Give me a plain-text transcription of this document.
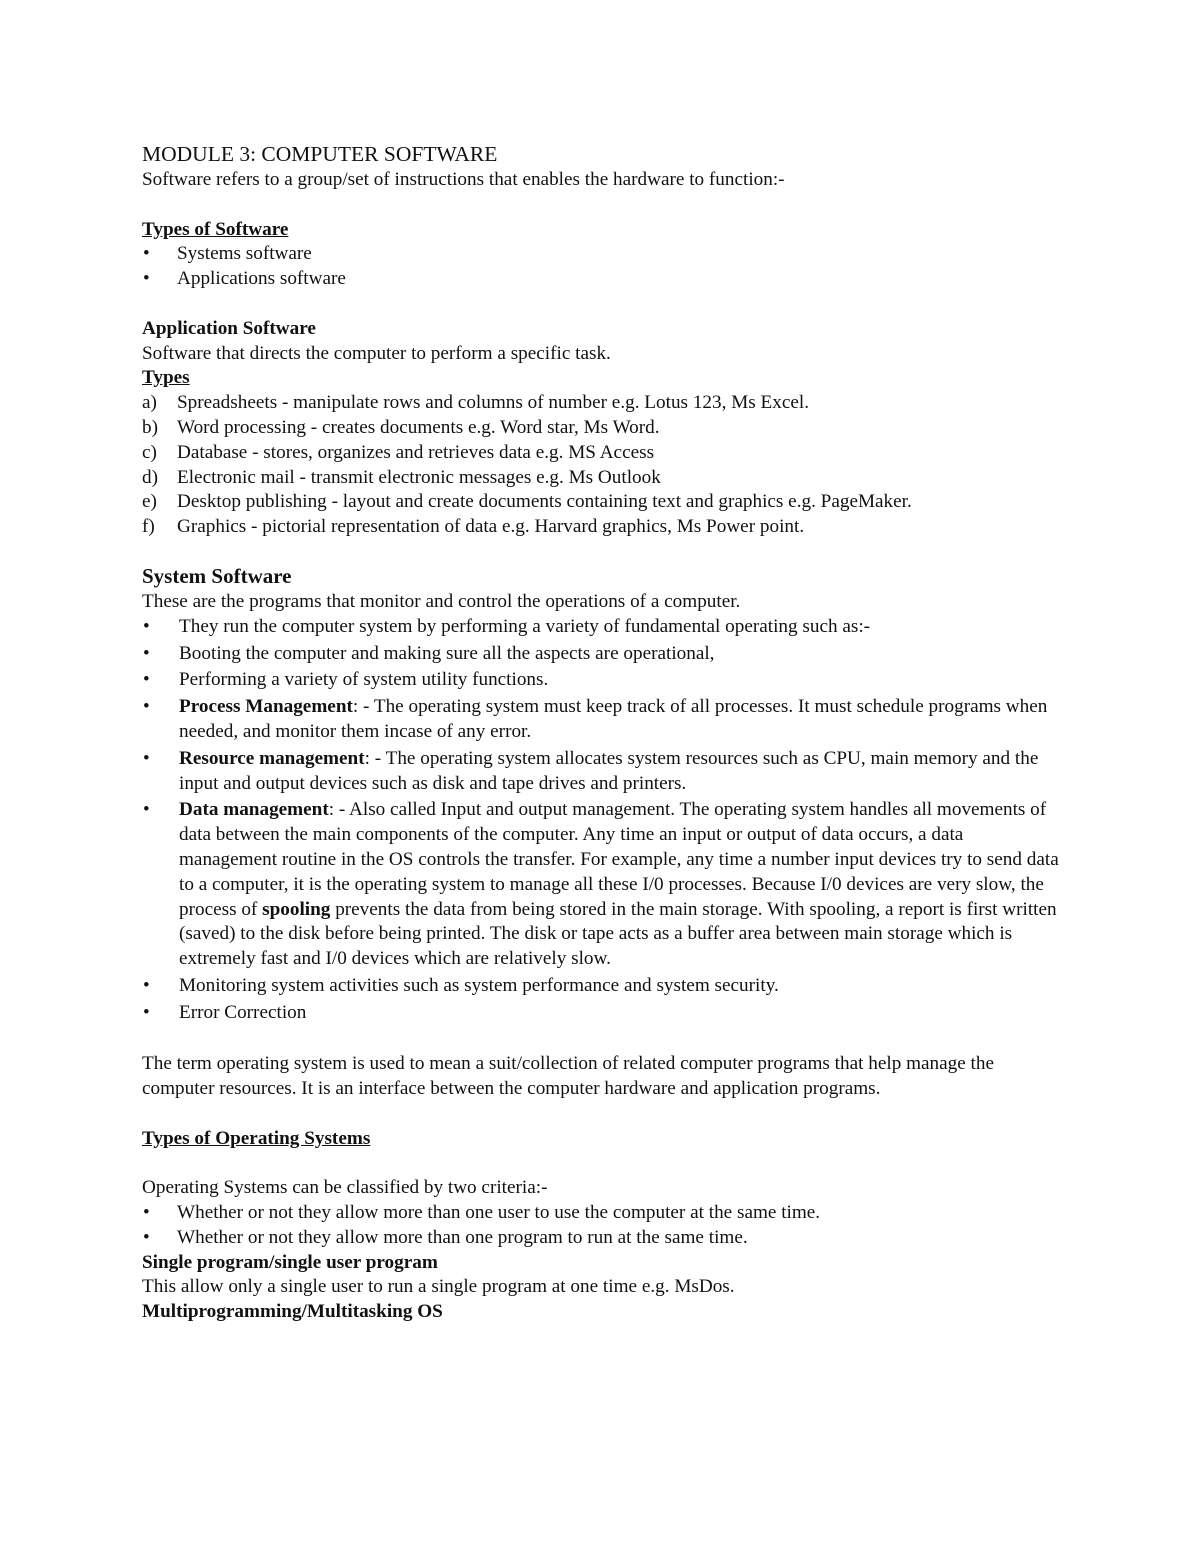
MODULE 3: COMPUTER SOFTWARE
Software refers to a group/set of instructions that enables the hardware to function:-
Types of Software
• Systems software
• Applications software
Application Software
Software that directs the computer to perform a specific task.
Types
a) Spreadsheets - manipulate rows and columns of number e.g. Lotus 123, Ms Excel.
b) Word processing - creates documents e.g. Word star, Ms Word.
c) Database - stores, organizes and retrieves data e.g. MS Access
d) Electronic mail - transmit electronic messages e.g. Ms Outlook
e) Desktop publishing - layout and create documents containing text and graphics e.g. PageMaker.
f) Graphics - pictorial representation of data e.g. Harvard graphics, Ms Power point.
System Software
These are the programs that monitor and control the operations of a computer.
• They run the computer system by performing a variety of fundamental operating such as:-
• Booting the computer and making sure all the aspects are operational,
• Performing a variety of system utility functions.
• Process Management: - The operating system must keep track of all processes. It must schedule programs when needed, and monitor them incase of any error.
• Resource management: - The operating system allocates system resources such as CPU, main memory and the input and output devices such as disk and tape drives and printers.
• Data management: - Also called Input and output management. The operating system handles all movements of data between the main components of the computer. Any time an input or output of data occurs, a data management routine in the OS controls the transfer. For example, any time a number input devices try to send data to a computer, it is the operating system to manage all these I/0 processes. Because I/0 devices are very slow, the process of spooling prevents the data from being stored in the main storage. With spooling, a report is first written (saved) to the disk before being printed. The disk or tape acts as a buffer area between main storage which is extremely fast and I/0 devices which are relatively slow.
• Monitoring system activities such as system performance and system security.
• Error Correction
The term operating system is used to mean a suit/collection of related computer programs that help manage the computer resources. It is an interface between the computer hardware and application programs.
Types of Operating Systems
Operating Systems can be classified by two criteria:-
• Whether or not they allow more than one user to use the computer at the same time.
• Whether or not they allow more than one program to run at the same time.
Single program/single user program
This allow only a single user to run a single program at one time e.g. MsDos.
Multiprogramming/Multitasking OS
